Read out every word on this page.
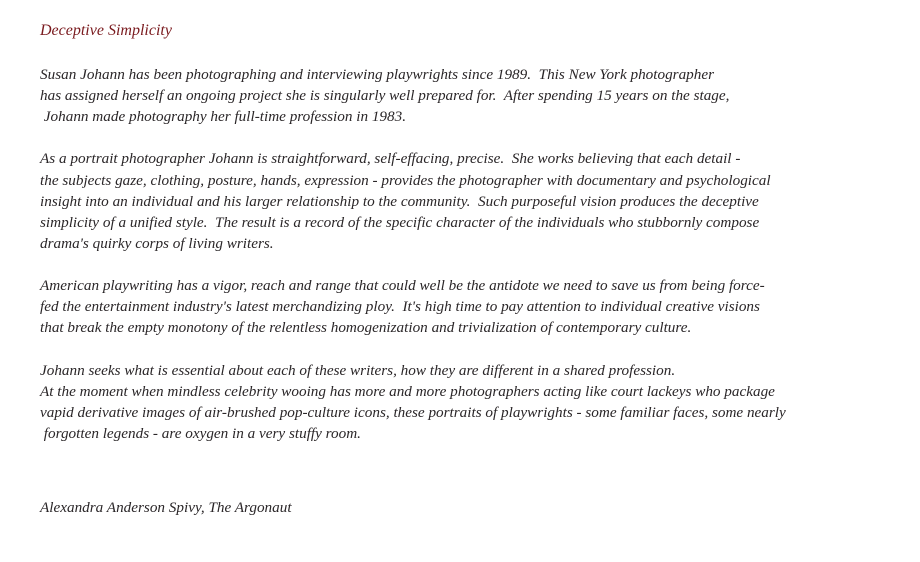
Deceptive Simplicity
Susan Johann has been photographing and interviewing playwrights since 1989.  This New York photographer
has assigned herself an ongoing project she is singularly well prepared for.  After spending 15 years on the stage,
Johann made photography her full-time profession in 1983.
As a portrait photographer Johann is straightforward, self-effacing, precise.  She works believing that each detail -
the subjects gaze, clothing, posture, hands, expression - provides the photographer with documentary and psychological
insight into an individual and his larger relationship to the community.  Such purposeful vision produces the deceptive
simplicity of a unified style.  The result is a record of the specific character of the individuals who stubbornly compose
drama's quirky corps of living writers.
American playwriting has a vigor, reach and range that could well be the antidote we need to save us from being force-
fed the entertainment industry's latest merchandizing ploy.  It's high time to pay attention to individual creative visions
that break the empty monotony of the relentless homogenization and trivialization of contemporary culture.
Johann seeks what is essential about each of these writers, how they are different in a shared profession.
At the moment when mindless celebrity wooing has more and more photographers acting like court lackeys who package
vapid derivative images of air-brushed pop-culture icons, these portraits of playwrights - some familiar faces, some nearly
forgotten legends - are oxygen in a very stuffy room.
Alexandra Anderson Spivy, The Argonaut
